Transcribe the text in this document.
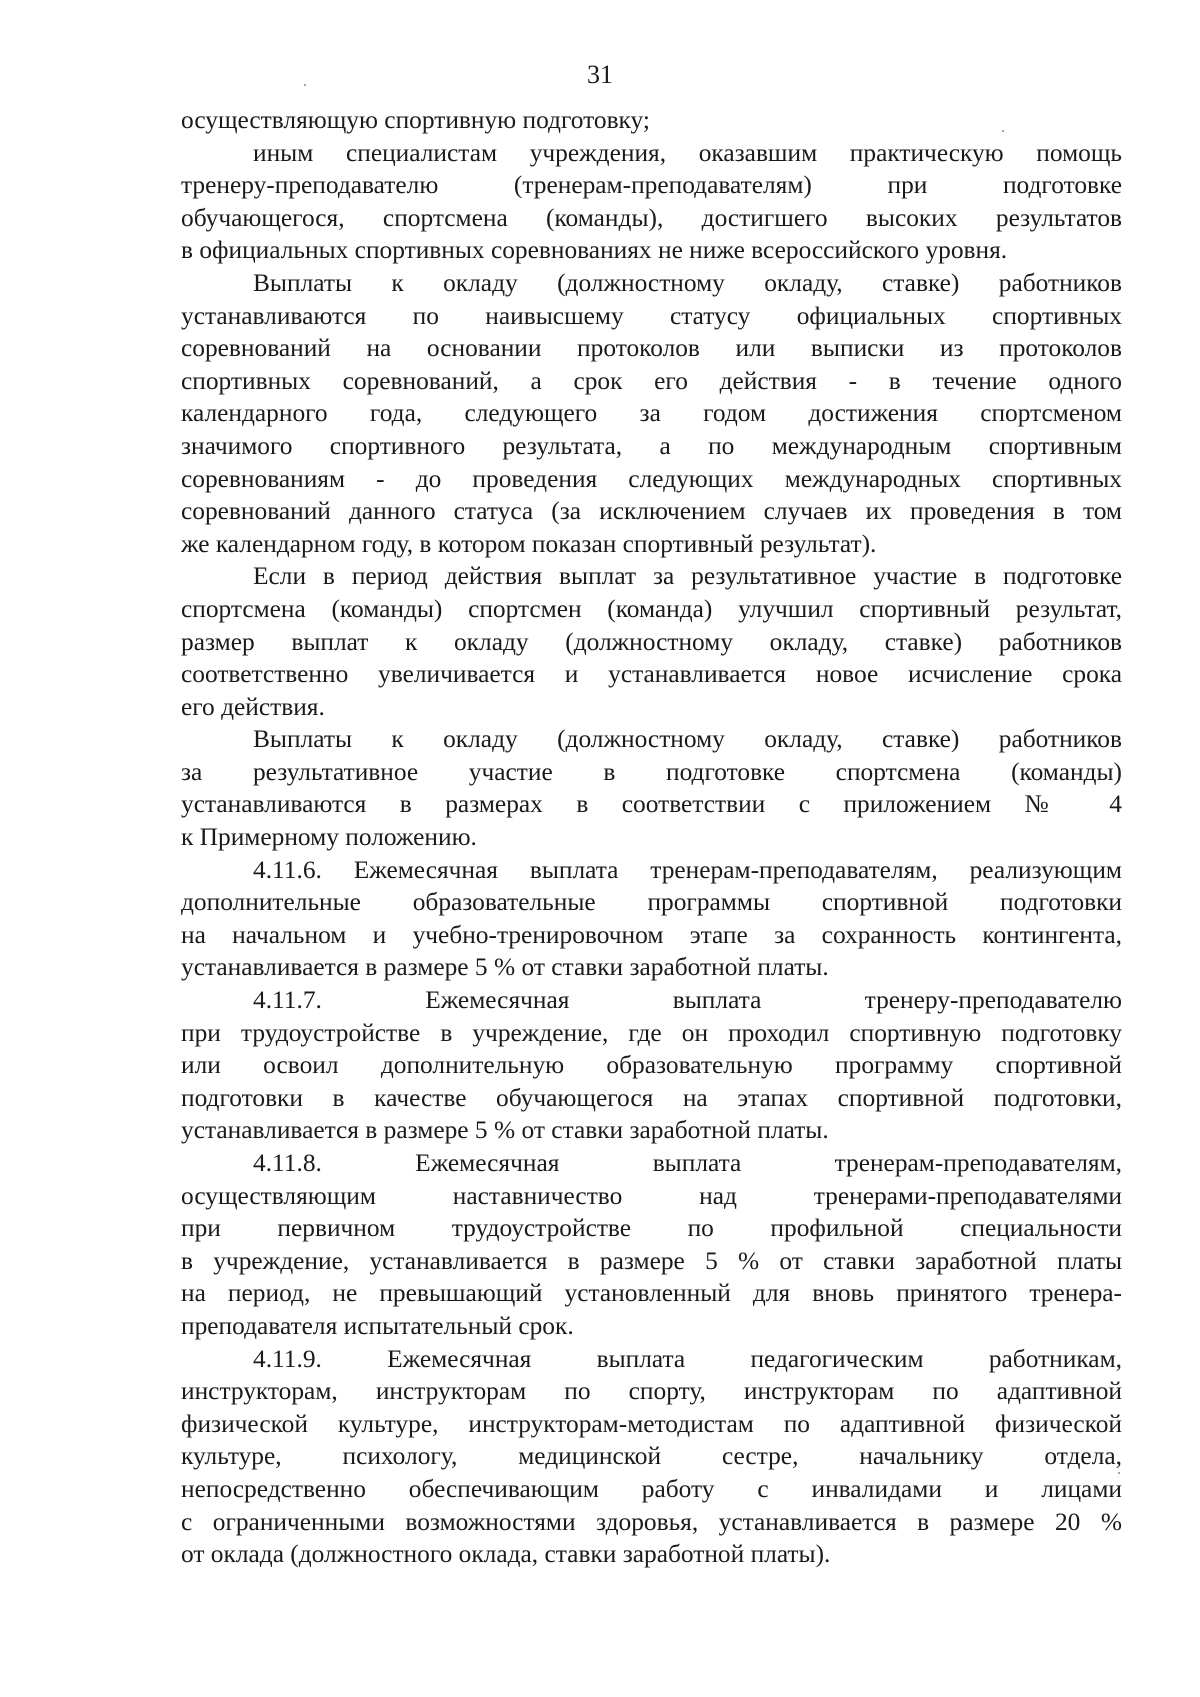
31

осуществляющую спортивную подготовку;

иным специалистам учреждения, оказавшим практическую помощь
тренеру-преподавателю (тренерам-преподавателям) при подготовке
обучающегося, спортсмена (команды), достигшего высоких результатов
в официальных спортивных соревнованиях не ниже всероссийского уровня.

Выплаты к окладу (должностному окладу, ставке) работников
устанавливаются по наивысшему статусу официальных спортивных
соревнований на основании протоколов или выписки из протоколов
спортивных соревнований, а срок его действия - в течение одного
календарного года, следующего за годом достижения спортсменом
значимого спортивного результата, а по международным спортивным
соревнованиям - до проведения следующих международных спортивных
соревнований данного статуса (за исключением случаев их проведения в том
же календарном году, в котором показан спортивный результат).

Если в период действия выплат за результативное участие в подготовке
спортсмена (команды) спортсмен (команда) улучшил спортивный результат,
размер выплат к окладу (должностному окладу, ставке) работников
соответственно увеличивается и устанавливается новое исчисление срока
его действия.

Выплаты к окладу (должностному окладу, ставке) работников
за результативное участие в подготовке спортсмена (команды)
устанавливаются в размерах в соответствии с приложением № 4
к Примерному положению.

4.11.6. Ежемесячная выплата тренерам-преподавателям, реализующим
дополнительные образовательные программы спортивной подготовки
на начальном и учебно-тренировочном этапе за сохранность контингента,
устанавливается в размере 5 % от ставки заработной платы.

4.11.7. Ежемесячная выплата тренеру-преподавателю
при трудоустройстве в учреждение, где он проходил спортивную подготовку
или освоил дополнительную образовательную программу спортивной
подготовки в качестве обучающегося на этапах спортивной подготовки,
устанавливается в размере 5 % от ставки заработной платы.

4.11.8. Ежемесячная выплата тренерам-преподавателям,
осуществляющим наставничество над тренерами-преподавателями
при первичном трудоустройстве по профильной специальности
в учреждение, устанавливается в размере 5 % от ставки заработной платы
на период, не превышающий установленный для вновь принятого тренера-
преподавателя испытательный срок.

4.11.9. Ежемесячная выплата педагогическим работникам,
инструкторам, инструкторам по спорту, инструкторам по адаптивной
физической культуре, инструкторам-методистам по адаптивной физической
культуре, психологу, медицинской сестре, начальнику отдела,
непосредственно обеспечивающим работу с инвалидами и лицами
с ограниченными возможностями здоровья, устанавливается в размере 20 %
от оклада (должностного оклада, ставки заработной платы).
